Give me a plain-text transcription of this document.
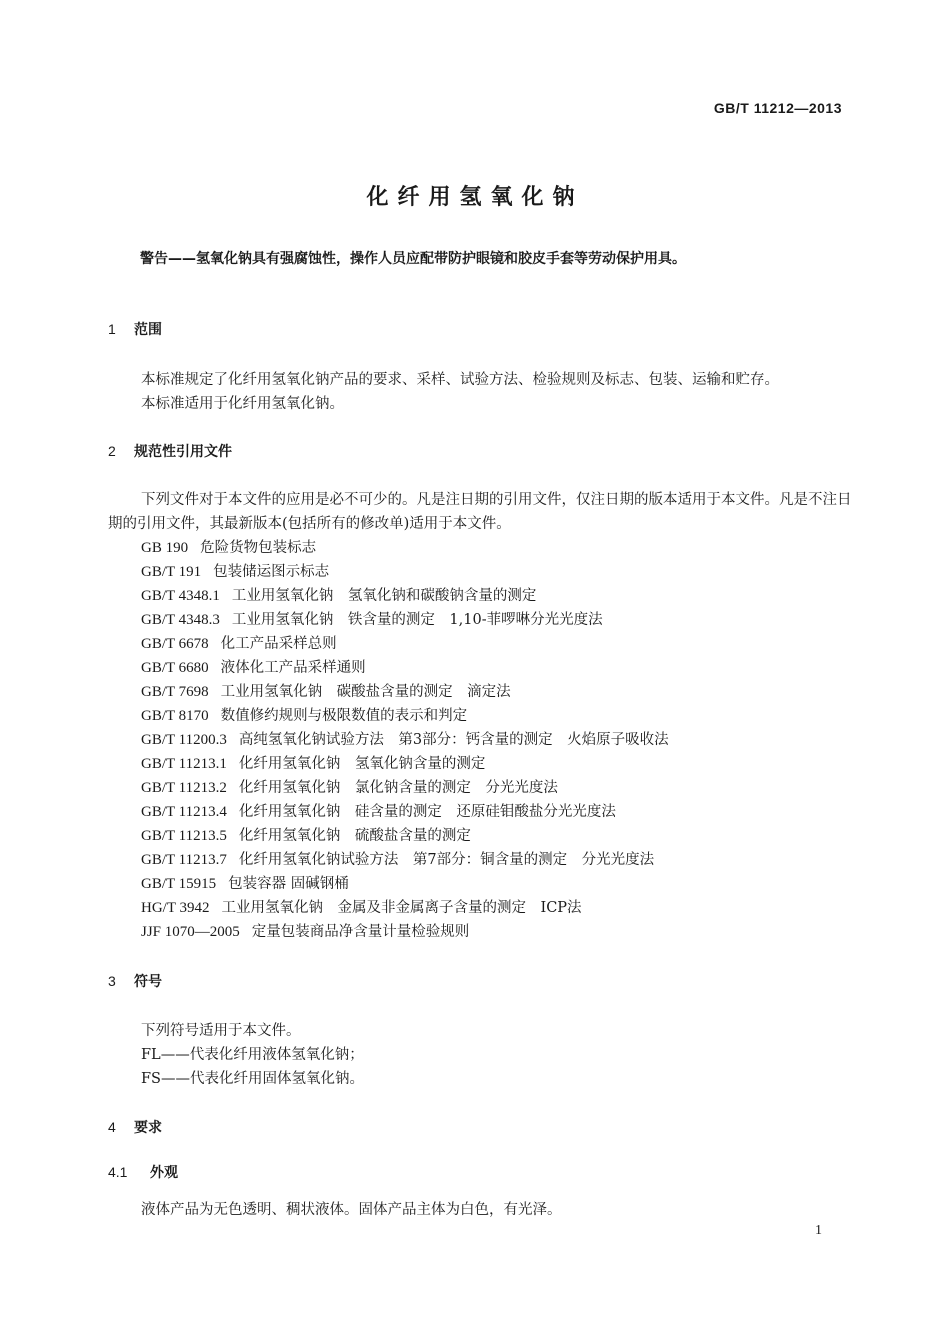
GB/T 11212—2013
化纤用氢氧化钠
警告——氢氧化钠具有强腐蚀性，操作人员应配带防护眼镜和胶皮手套等劳动保护用具。
1 范围
本标准规定了化纤用氢氧化钠产品的要求、采样、试验方法、检验规则及标志、包装、运输和贮存。
本标准适用于化纤用氢氧化钠。
2 规范性引用文件
下列文件对于本文件的应用是必不可少的。凡是注日期的引用文件，仅注日期的版本适用于本文件。凡是不注日期的引用文件，其最新版本(包括所有的修改单)适用于本文件。
GB 190 危险货物包装标志
GB/T 191 包装储运图示标志
GB/T 4348.1 工业用氢氧化钠　氢氧化钠和碳酸钠含量的测定
GB/T 4348.3 工业用氢氧化钠　铁含量的测定　1,10-菲啰啉分光光度法
GB/T 6678 化工产品采样总则
GB/T 6680 液体化工产品采样通则
GB/T 7698 工业用氢氧化钠　碳酸盐含量的测定　滴定法
GB/T 8170 数值修约规则与极限数值的表示和判定
GB/T 11200.3 高纯氢氧化钠试验方法　第3部分：钙含量的测定　火焰原子吸收法
GB/T 11213.1 化纤用氢氧化钠　氢氧化钠含量的测定
GB/T 11213.2 化纤用氢氧化钠　氯化钠含量的测定　分光光度法
GB/T 11213.4 化纤用氢氧化钠　硅含量的测定　还原硅钼酸盐分光光度法
GB/T 11213.5 化纤用氢氧化钠　硫酸盐含量的测定
GB/T 11213.7 化纤用氢氧化钠试验方法　第7部分：铜含量的测定　分光光度法
GB/T 15915 包装容器 固碱钢桶
HG/T 3942 工业用氢氧化钠　金属及非金属离子含量的测定　ICP法
JJF 1070—2005 定量包装商品净含量计量检验规则
3 符号
下列符号适用于本文件。
FL——代表化纤用液体氢氧化钠；
FS——代表化纤用固体氢氧化钠。
4 要求
4.1 外观
液体产品为无色透明、稠状液体。固体产品主体为白色，有光泽。
1
